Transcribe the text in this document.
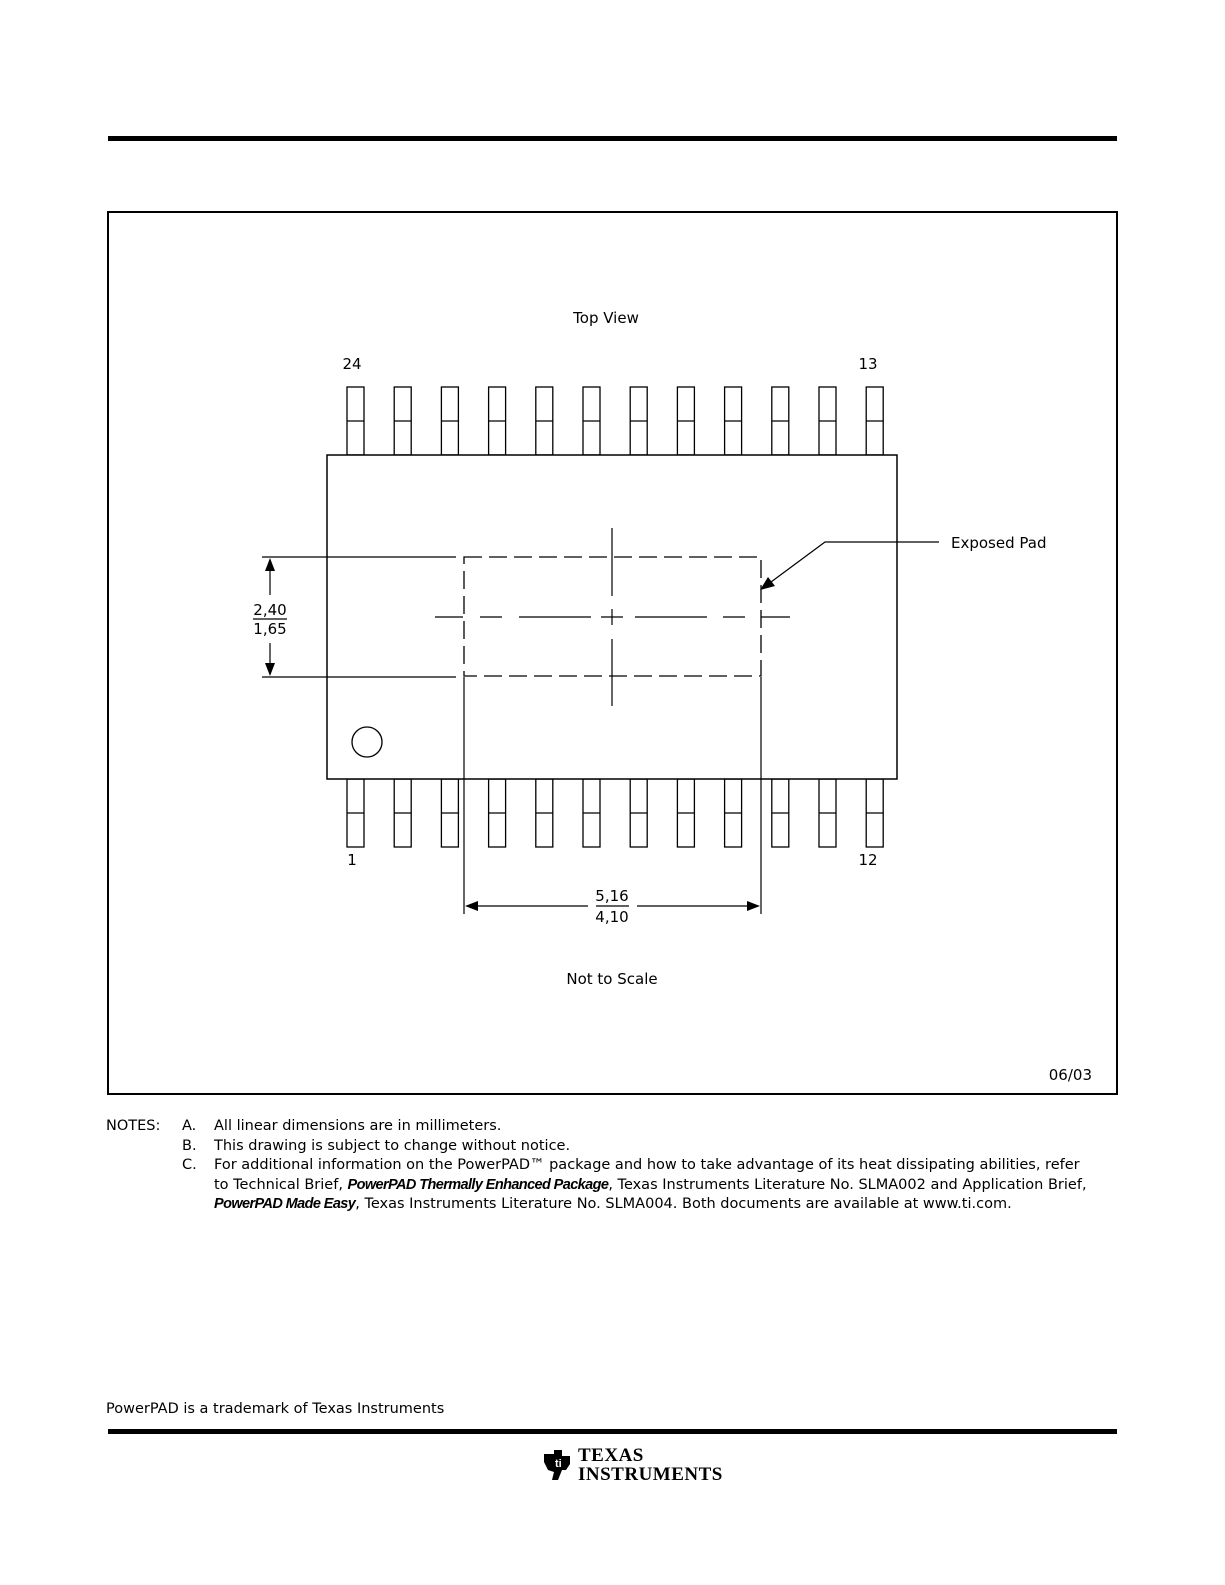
Top View
24	13
1	12
2,40
1,65
5,16
4,10
Exposed Pad
Not to Scale
06/03
NOTES: A. All linear dimensions are in millimeters.
B. This drawing is subject to change without notice.
C. For additional information on the PowerPAD™ package and how to take advantage of its heat dissipating abilities, refer
to Technical Brief, PowerPAD Thermally Enhanced Package, Texas Instruments Literature No. SLMA002 and Application Brief,
PowerPAD Made Easy, Texas Instruments Literature No. SLMA004. Both documents are available at www.ti.com.
PowerPAD is a trademark of Texas Instruments
ti TEXAS
INSTRUMENTS
